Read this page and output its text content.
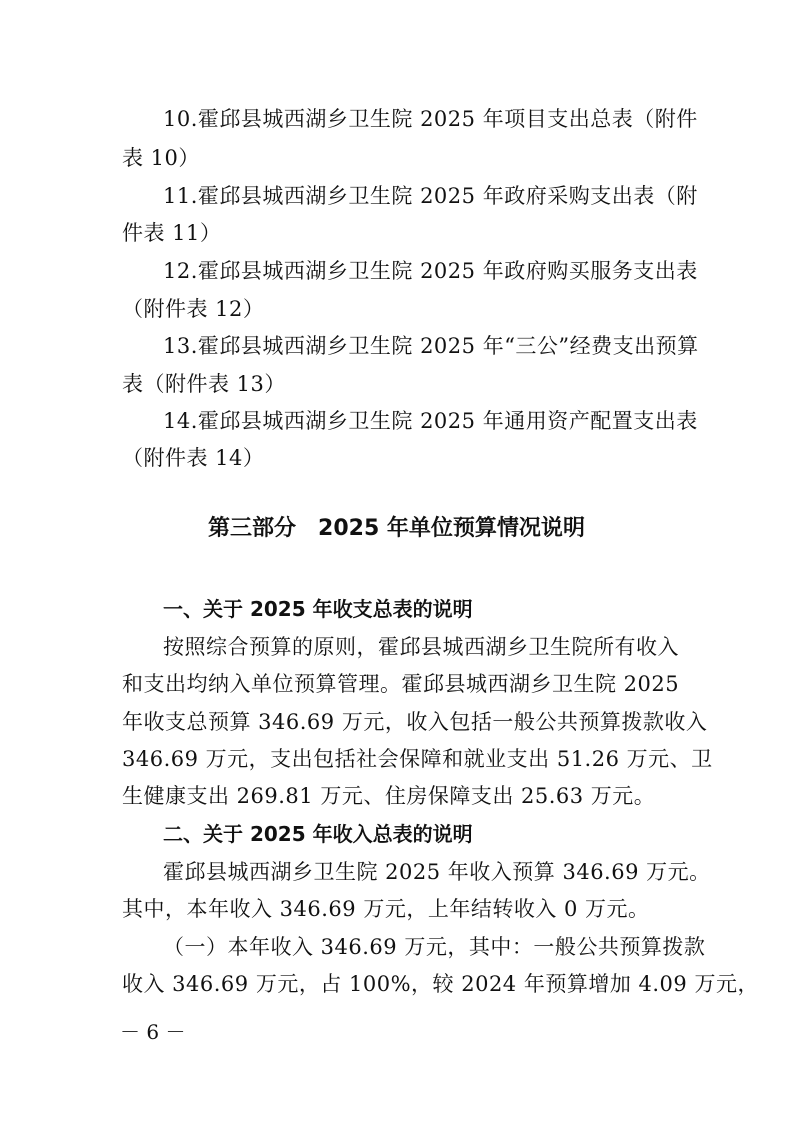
10.霍邱县城西湖乡卫生院 2025 年项目支出总表（附件
表 10）
11.霍邱县城西湖乡卫生院 2025 年政府采购支出表（附
件表 11）
12.霍邱县城西湖乡卫生院 2025 年政府购买服务支出表
（附件表 12）
13.霍邱县城西湖乡卫生院 2025 年“三公”经费支出预算
表（附件表 13）
14.霍邱县城西湖乡卫生院 2025 年通用资产配置支出表
（附件表 14）
第三部分　2025 年单位预算情况说明
一、关于 2025 年收支总表的说明
按照综合预算的原则，霍邱县城西湖乡卫生院所有收入
和支出均纳入单位预算管理。霍邱县城西湖乡卫生院 2025
年收支总预算 346.69 万元，收入包括一般公共预算拨款收入
346.69 万元，支出包括社会保障和就业支出 51.26 万元、卫
生健康支出 269.81 万元、住房保障支出 25.63 万元。
二、关于 2025 年收入总表的说明
霍邱县城西湖乡卫生院 2025 年收入预算 346.69 万元。
其中，本年收入 346.69 万元，上年结转收入 0 万元。
（一）本年收入 346.69 万元，其中：一般公共预算拨款
收入 346.69 万元，占 100%，较 2024 年预算增加 4.09 万元，
－ 6 －
